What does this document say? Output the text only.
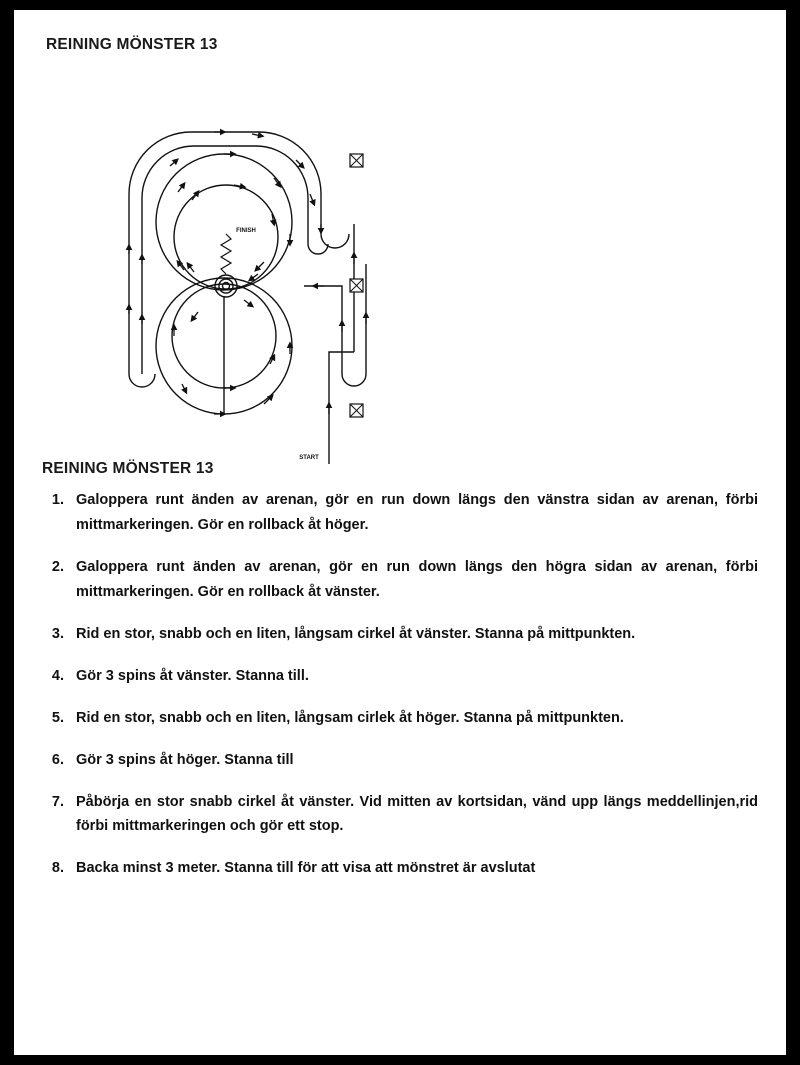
REINING MÖNSTER 13
START
FINISH
REINING MÖNSTER 13
1. Galoppera runt änden av arenan, gör en run down längs den vänstra sidan av arenan, förbi mittmarkeringen. Gör en rollback åt höger.
2. Galoppera runt änden av arenan, gör en run down längs den högra sidan av arenan, förbi mittmarkeringen. Gör en rollback åt vänster.
3. Rid en stor, snabb och en liten, långsam cirkel åt vänster. Stanna på mittpunkten.
4. Gör 3 spins åt vänster. Stanna till.
5. Rid en stor, snabb och en liten, långsam cirlek åt höger. Stanna på mittpunkten.
6. Gör 3 spins åt höger. Stanna till
7. Påbörja en stor snabb cirkel åt vänster. Vid mitten av kortsidan, vänd upp längs meddellinjen,rid förbi mittmarkeringen och gör ett stop.
8. Backa minst 3 meter. Stanna till för att visa att mönstret är avslutat
